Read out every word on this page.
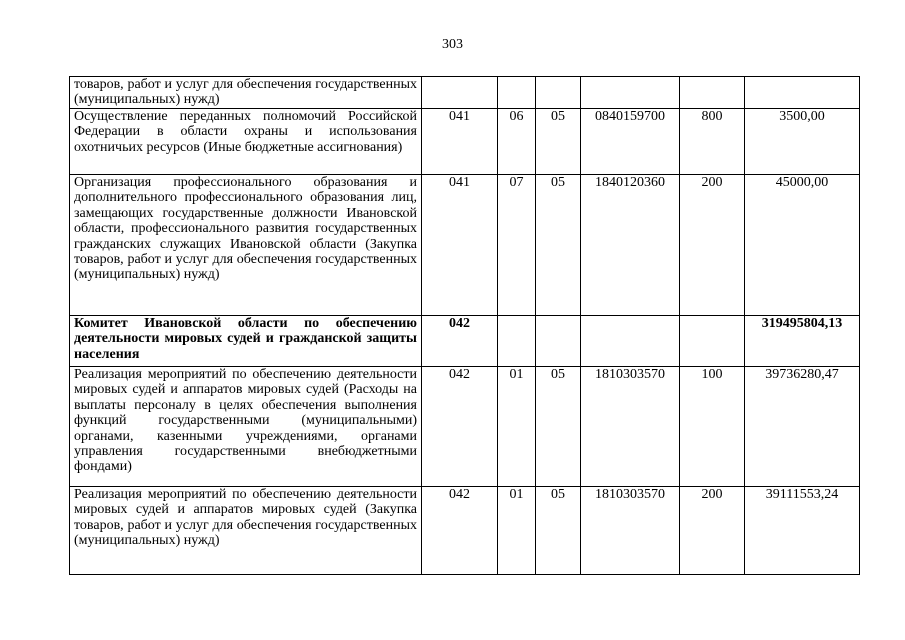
303
товаров, работ и услуг для обеспечения государственных (муниципальных) нужд)						
Осуществление переданных полномочий Российской Федерации в области охраны и использования охотничьих ресурсов (Иные бюджетные ассигнования)	041	06	05	0840159700	800	3500,00
Организация профессионального образования и дополнительного профессионального образования лиц, замещающих государственные должности Ивановской области, профессионального развития государственных гражданских служащих Ивановской области (Закупка товаров, работ и услуг для обеспечения государственных (муниципальных) нужд)	041	07	05	1840120360	200	45000,00
Комитет Ивановской области по обеспечению деятельности мировых судей и гражданской защиты населения	042					319495804,13
Реализация мероприятий по обеспечению деятельности мировых судей и аппаратов мировых судей (Расходы на выплаты персоналу в целях обеспечения выполнения функций государственными (муниципальными) органами, казенными учреждениями, органами управления государственными внебюджетными фондами)	042	01	05	1810303570	100	39736280,47
Реализация мероприятий по обеспечению деятельности мировых судей и аппаратов мировых судей (Закупка товаров, работ и услуг для обеспечения государственных (муниципальных) нужд)	042	01	05	1810303570	200	39111553,24
